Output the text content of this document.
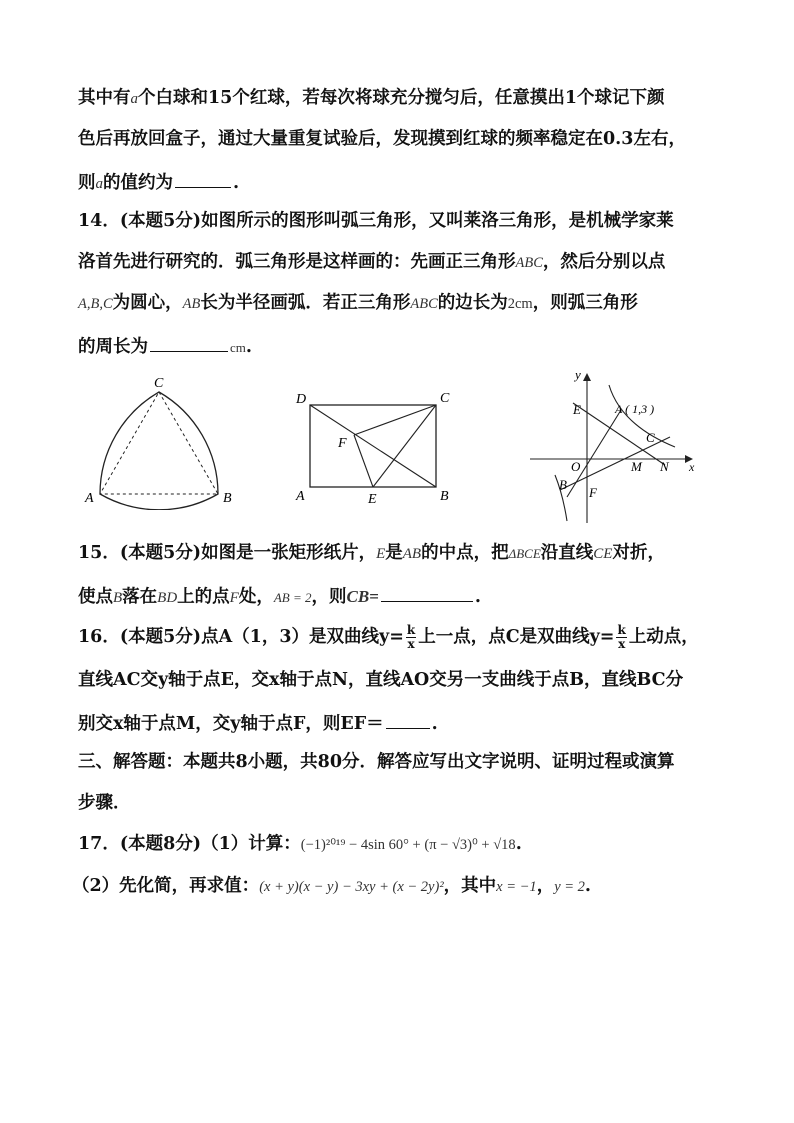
其中有a个白球和15个红球，若每次将球充分搅匀后，任意摸出1个球记下颜
色后再放回盒子，通过大量重复试验后，发现摸到红球的频率稳定在0.3左右，
则a的值约为	.
14．(本题5分)如图所示的图形叫弧三角形，又叫莱洛三角形，是机械学家莱
洛首先进行研究的．弧三角形是这样画的：先画正三角形ABC，然后分别以点
A,B,C为圆心，AB长为半径画弧．若正三角形ABC的边长为2cm，则弧三角形
的周长为	cm.
C
A	B
D	C
F
A	E	B
y
E	A ( 1,3 )
C
O	M N x
B
F
15．(本题5分)如图是一张矩形纸片，E是AB的中点，把ΔBCE沿直线CE对折，
使点B落在BD上的点F处，AB = 2，则CB=	.
16．(本题5分)点A（1，3）是双曲线$y= \frac{k}{x}$ 上一点，点C是双曲线$y= \frac{k}{x}$ 上动点，
直线AC交y轴于点E，交x轴于点N，直线AO交另一支曲线于点B，直线BC分
别交x轴于点M，交y轴于点F，则EF＝	.
三、解答题：本题共8小题，共80分．解答应写出文字说明、证明过程或演算
步骤．
17．(本题8分)（1）计算：(−1)²⁰¹⁹ − 4sin 60° + (π − √3)⁰ + √18.
（2）先化简，再求值：(x + y)(x − y) − 3xy + (x − 2y)²，其中x = −1，y = 2.
